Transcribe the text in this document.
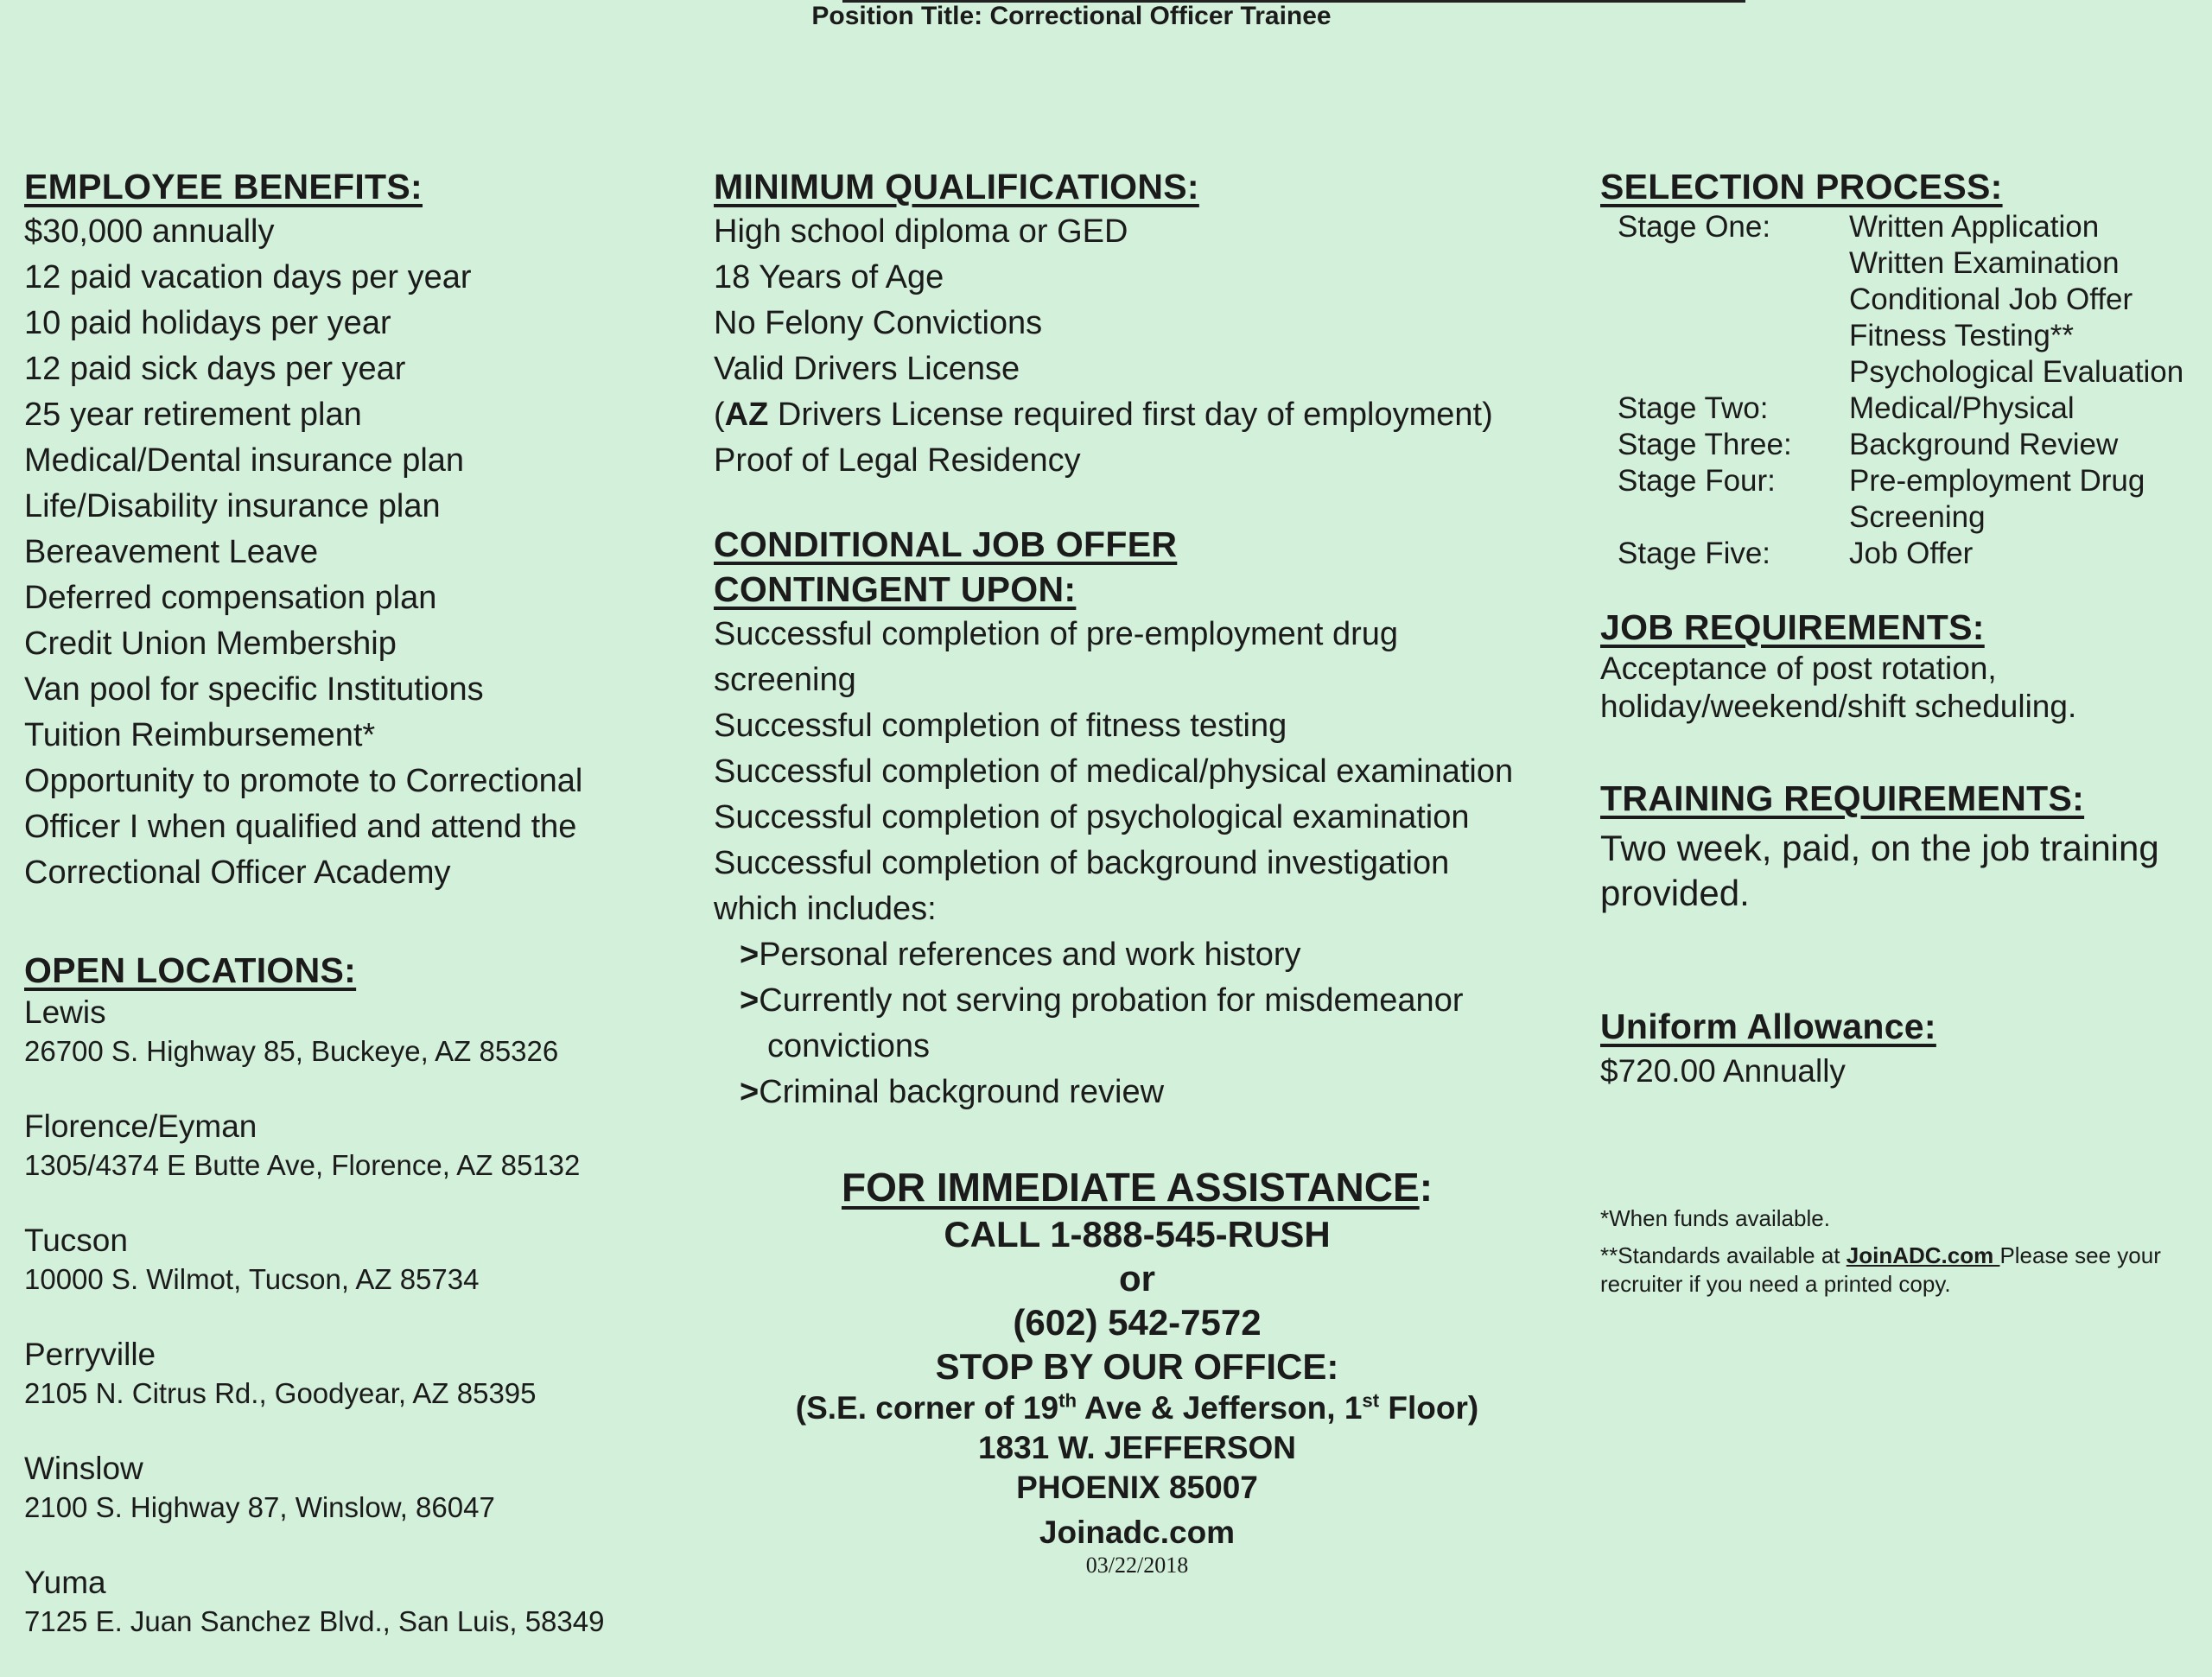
Position Title: Correctional Officer Trainee
EMPLOYEE BENEFITS:
$30,000 annually
12 paid vacation days per year
10 paid holidays per year
12 paid sick days per year
25 year retirement plan
Medical/Dental insurance plan
Life/Disability insurance plan
Bereavement Leave
Deferred compensation plan
Credit Union Membership
Van pool for specific Institutions
Tuition Reimbursement*
Opportunity to promote to Correctional
Officer I when qualified and attend the
Correctional Officer Academy
OPEN LOCATIONS:
Lewis
26700 S. Highway 85, Buckeye, AZ 85326
Florence/Eyman
1305/4374 E Butte Ave, Florence, AZ 85132
Tucson
10000 S. Wilmot, Tucson, AZ 85734
Perryville
2105 N. Citrus Rd., Goodyear, AZ 85395
Winslow
2100 S. Highway 87, Winslow, 86047
Yuma
7125 E. Juan Sanchez Blvd., San Luis, 58349
MINIMUM QUALIFICATIONS:
High school diploma or GED
18 Years of Age
No Felony Convictions
Valid Drivers License
(AZ Drivers License required first day of employment)
Proof of Legal Residency
CONDITIONAL JOB OFFER
CONTINGENT UPON:
Successful completion of pre-employment drug
screening
Successful completion of fitness testing
Successful completion of medical/physical examination
Successful completion of psychological examination
Successful completion of background investigation
which includes:
>Personal references and work history
>Currently not serving probation for misdemeanor
convictions
>Criminal background review
FOR IMMEDIATE ASSISTANCE:
CALL 1-888-545-RUSH
or
(602) 542-7572
STOP BY OUR OFFICE:
(S.E. corner of 19th Ave & Jefferson, 1st Floor)
1831 W. JEFFERSON
PHOENIX 85007
Joinadc.com
03/22/2018
SELECTION PROCESS:
Stage One:	Written Application
Written Examination
Conditional Job Offer
Fitness Testing**
Psychological Evaluation
Stage Two:	Medical/Physical
Stage Three:	Background Review
Stage Four:	Pre-employment Drug
Screening
Stage Five:	Job Offer
JOB REQUIREMENTS:
Acceptance of post rotation,
holiday/weekend/shift scheduling.
TRAINING REQUIREMENTS:
Two week, paid, on the job training
provided.
Uniform Allowance:
$720.00 Annually
*When funds available.
**Standards available at JoinADC.com Please see your
recruiter if you need a printed copy.
